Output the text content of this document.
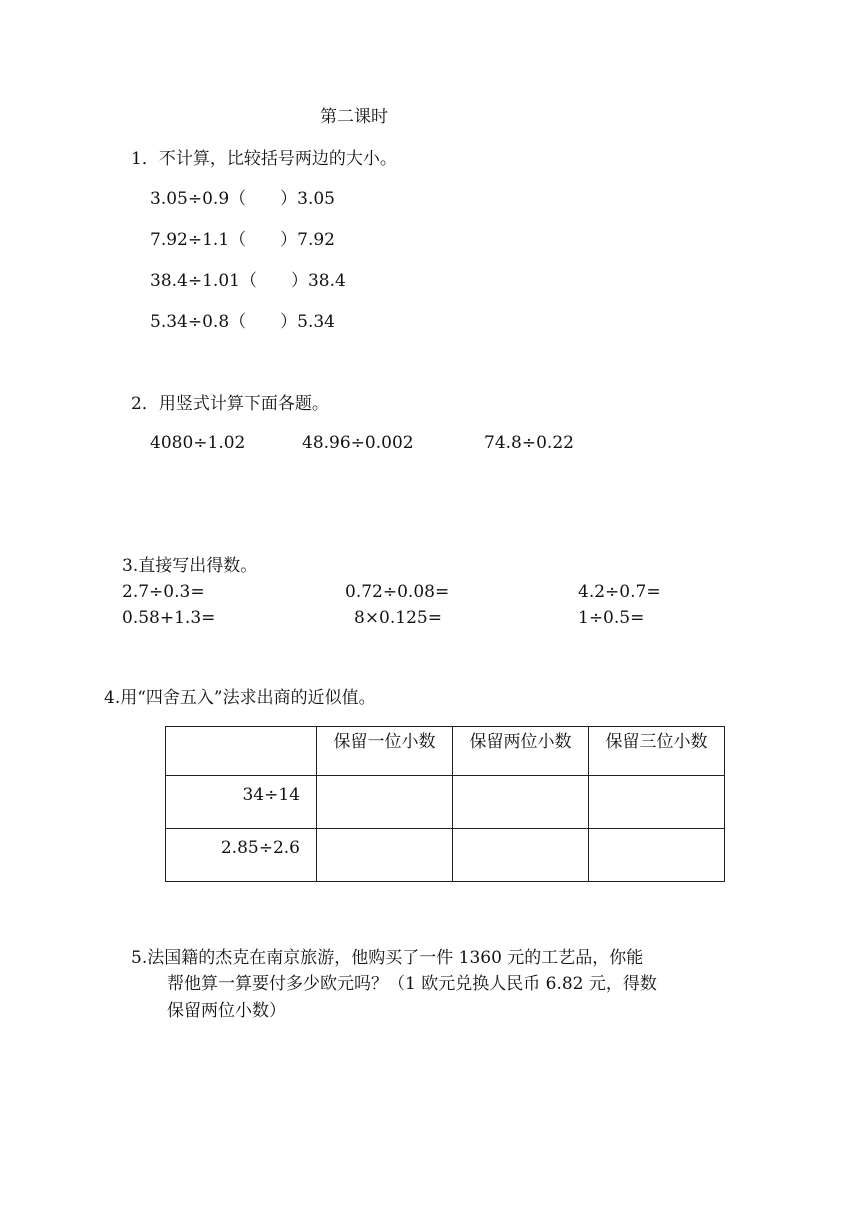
第二课时
1．不计算，比较括号两边的大小。
3.05÷0.9（　　）3.05
7.92÷1.1（　　）7.92
38.4÷1.01（　　）38.4
5.34÷0.8（　　）5.34
2．用竖式计算下面各题。
4080÷1.02	48.96÷0.002	74.8÷0.22
3.直接写出得数。
2.7÷0.3=	0.72÷0.08=	4.2÷0.7=
0.58+1.3=	8×0.125=	1÷0.5=
4.用“四舍五入”法求出商的近似值。
	保留一位小数	保留两位小数	保留三位小数
34÷14			
2.85÷2.6			
5.法国籍的杰克在南京旅游，他购买了一件 1360 元的工艺品，你能
帮他算一算要付多少欧元吗？（1 欧元兑换人民币 6.82 元，得数
保留两位小数）
